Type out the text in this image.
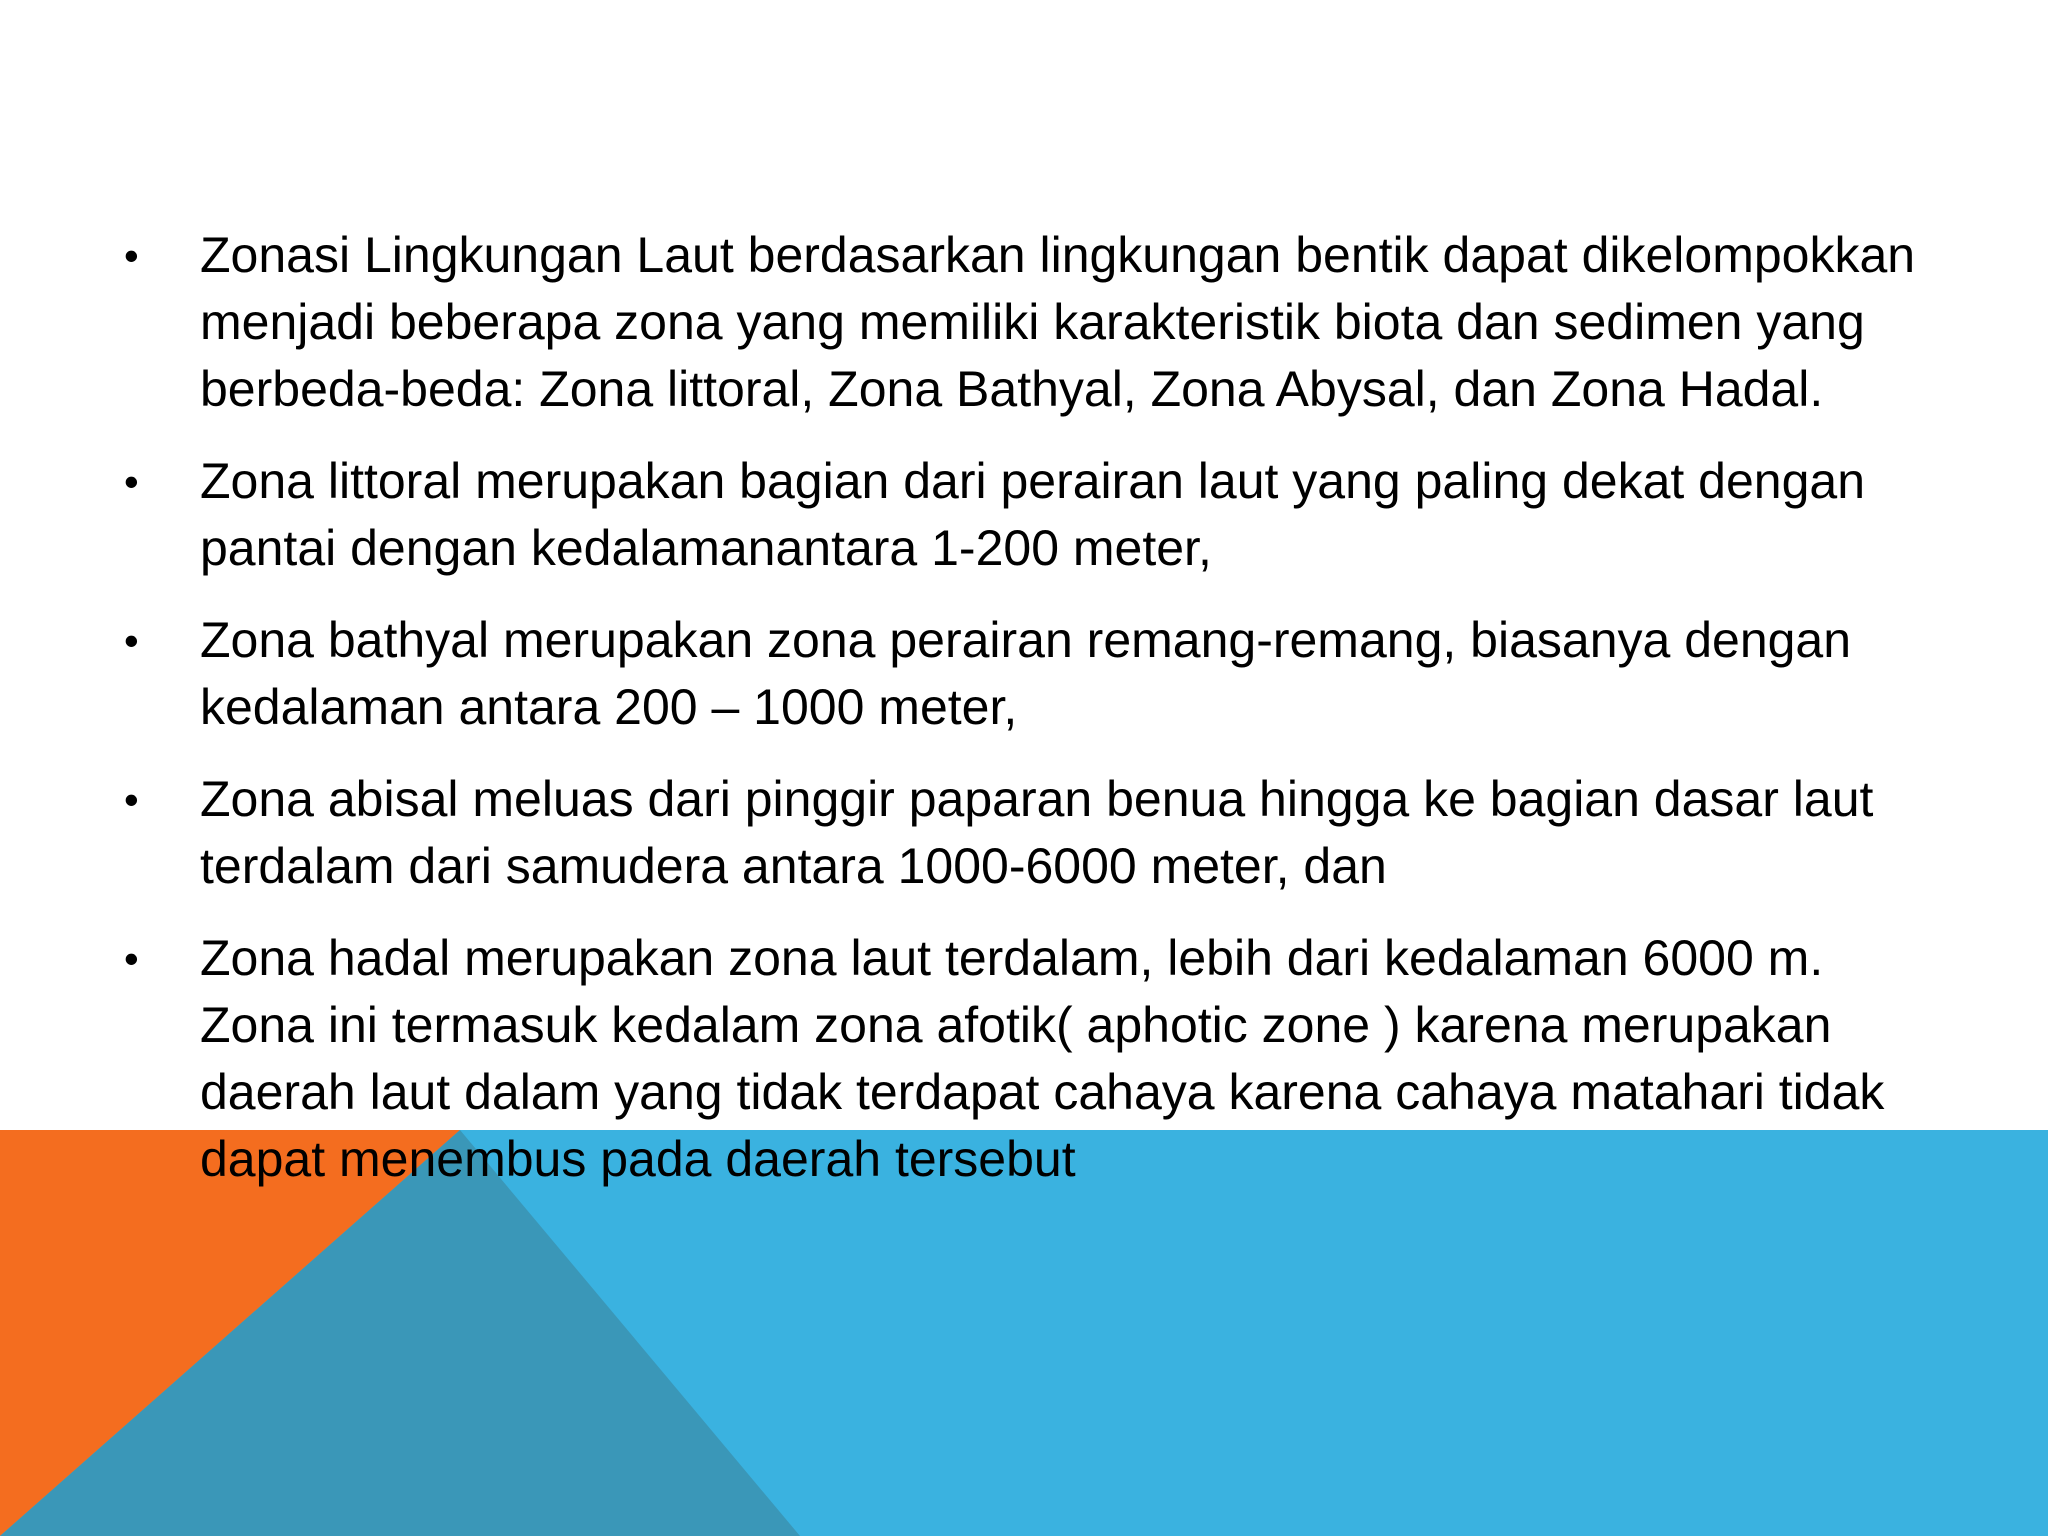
• Zonasi Lingkungan Laut berdasarkan lingkungan bentik dapat dikelompokkan menjadi beberapa zona yang memiliki karakteristik biota dan sedimen yang berbeda-beda: Zona littoral, Zona Bathyal, Zona Abysal, dan Zona Hadal.
• Zona littoral merupakan bagian dari perairan laut yang paling dekat dengan pantai dengan kedalamanantara 1-200 meter,
• Zona bathyal merupakan zona perairan remang-remang, biasanya dengan kedalaman antara 200 – 1000 meter,
• Zona abisal meluas dari pinggir paparan benua hingga ke bagian dasar laut terdalam dari samudera antara 1000-6000 meter, dan
• Zona hadal merupakan zona laut terdalam, lebih dari kedalaman 6000 m. Zona ini termasuk kedalam zona afotik( aphotic zone ) karena merupakan daerah laut dalam yang tidak terdapat cahaya karena cahaya matahari tidak dapat menembus pada daerah tersebut
